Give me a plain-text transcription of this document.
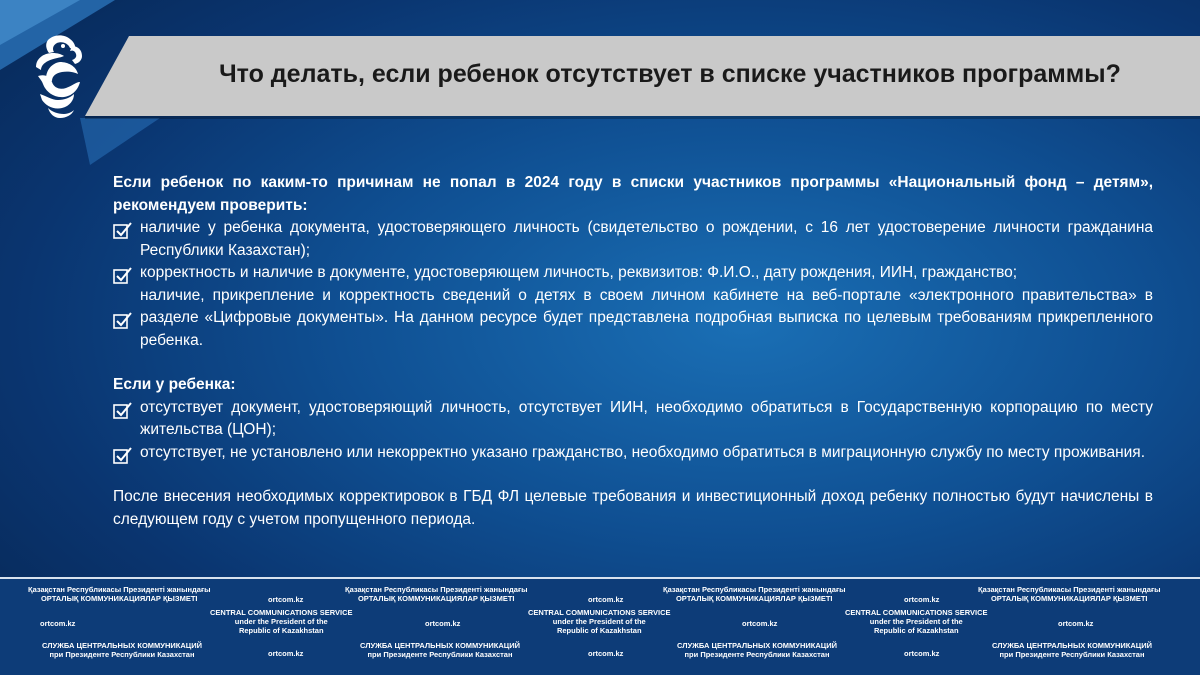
Что делать, если ребенок отсутствует в списке участников программы?

Если ребенок по каким-то причинам не попал в 2024 году в списки участников программы «Национальный фонд – детям», рекомендуем проверить:

наличие у ребенка документа, удостоверяющего личность (свидетельство о рождении, с 16 лет удостоверение личности гражданина Республики Казахстан);
корректность и наличие в документе, удостоверяющем личность, реквизитов: Ф.И.О., дату рождения, ИИН, гражданство;
наличие, прикрепление и корректность сведений о детях в своем личном кабинете на веб-портале «электронного правительства» в разделе «Цифровые документы». На данном ресурсе будет представлена подробная выписка по целевым требованиям прикрепленного ребенка.

Если у ребенка:

отсутствует документ, удостоверяющий личность, отсутствует ИИН, необходимо обратиться в Государственную корпорацию по месту жительства (ЦОН);
отсутствует, не установлено или некорректно указано гражданство, необходимо обратиться в миграционную службу по месту проживания.

После внесения необходимых корректировок в ГБД ФЛ целевые требования и инвестиционный доход ребенку полностью будут начислены в следующем году с учетом пропущенного периода.

Қазақстан Республикасы Президенті жанындағы
ОРТАЛЫҚ КОММУНИКАЦИЯЛАР ҚЫЗМЕТІ	ortcom.kz
Қазақстан Республикасы Президенті жанындағы
ОРТАЛЫҚ КОММУНИКАЦИЯЛАР ҚЫЗМЕТІ	ortcom.kz
Қазақстан Республикасы Президенті жанындағы
ОРТАЛЫҚ КОММУНИКАЦИЯЛАР ҚЫЗМЕТІ	ortcom.kz
Қазақстан Республикасы Президенті жанындағы
ОРТАЛЫҚ КОММУНИКАЦИЯЛАР ҚЫЗМЕТІ
ortcom.kz
CENTRAL COMMUNICATIONS SERVICE
under the President of the
Republic of Kazakhstan
ortcom.kz
CENTRAL COMMUNICATIONS SERVICE
under the President of the
Republic of Kazakhstan
ortcom.kz
CENTRAL COMMUNICATIONS SERVICE
under the President of the
Republic of Kazakhstan
ortcom.kz
СЛУЖБА ЦЕНТРАЛЬНЫХ КОММУНИКАЦИЙ
при Президенте Республики Казахстан	ortcom.kz
СЛУЖБА ЦЕНТРАЛЬНЫХ КОММУНИКАЦИЙ
при Президенте Республики Казахстан	ortcom.kz
СЛУЖБА ЦЕНТРАЛЬНЫХ КОММУНИКАЦИЙ
при Президенте Республики Казахстан	ortcom.kz
СЛУЖБА ЦЕНТРАЛЬНЫХ КОММУНИКАЦИЙ
при Президенте Республики Казахстан
